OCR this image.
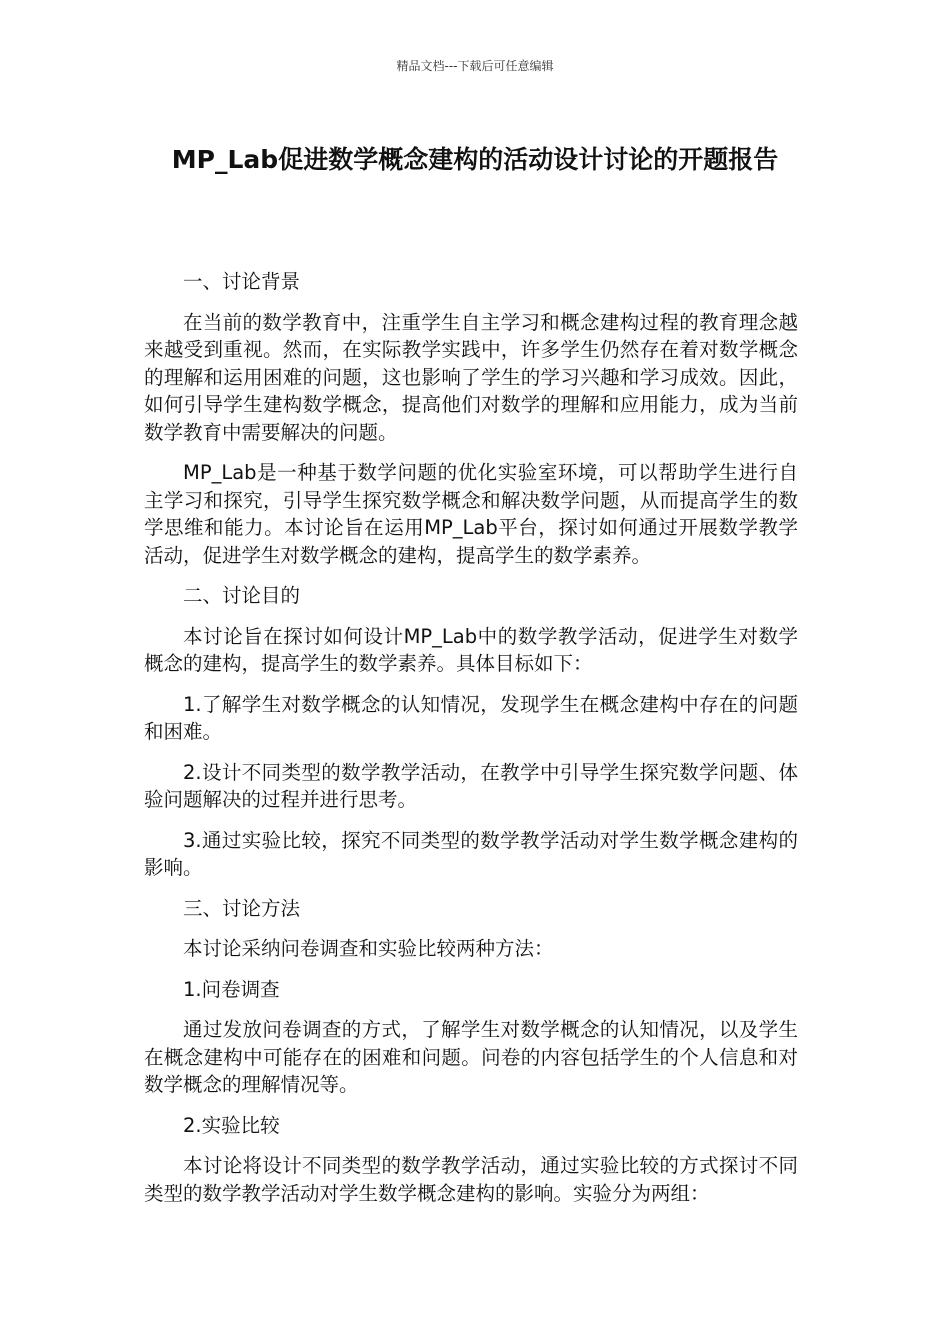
精品文档---下载后可任意编辑
MP_Lab促进数学概念建构的活动设计讨论的开题报告

一、讨论背景

在当前的数学教育中，注重学生自主学习和概念建构过程的教育理念越来越受到重视。然而，在实际教学实践中，许多学生仍然存在着对数学概念的理解和运用困难的问题，这也影响了学生的学习兴趣和学习成效。因此，如何引导学生建构数学概念，提高他们对数学的理解和应用能力，成为当前数学教育中需要解决的问题。

MP_Lab是一种基于数学问题的优化实验室环境，可以帮助学生进行自主学习和探究，引导学生探究数学概念和解决数学问题，从而提高学生的数学思维和能力。本讨论旨在运用MP_Lab平台，探讨如何通过开展数学教学活动，促进学生对数学概念的建构，提高学生的数学素养。

二、讨论目的

本讨论旨在探讨如何设计MP_Lab中的数学教学活动，促进学生对数学概念的建构，提高学生的数学素养。具体目标如下：

1.了解学生对数学概念的认知情况，发现学生在概念建构中存在的问题和困难。

2.设计不同类型的数学教学活动，在教学中引导学生探究数学问题、体验问题解决的过程并进行思考。

3.通过实验比较，探究不同类型的数学教学活动对学生数学概念建构的影响。

三、讨论方法

本讨论采纳问卷调查和实验比较两种方法：

1.问卷调查

通过发放问卷调查的方式，了解学生对数学概念的认知情况，以及学生在概念建构中可能存在的困难和问题。问卷的内容包括学生的个人信息和对数学概念的理解情况等。

2.实验比较

本讨论将设计不同类型的数学教学活动，通过实验比较的方式探讨不同类型的数学教学活动对学生数学概念建构的影响。实验分为两组：
